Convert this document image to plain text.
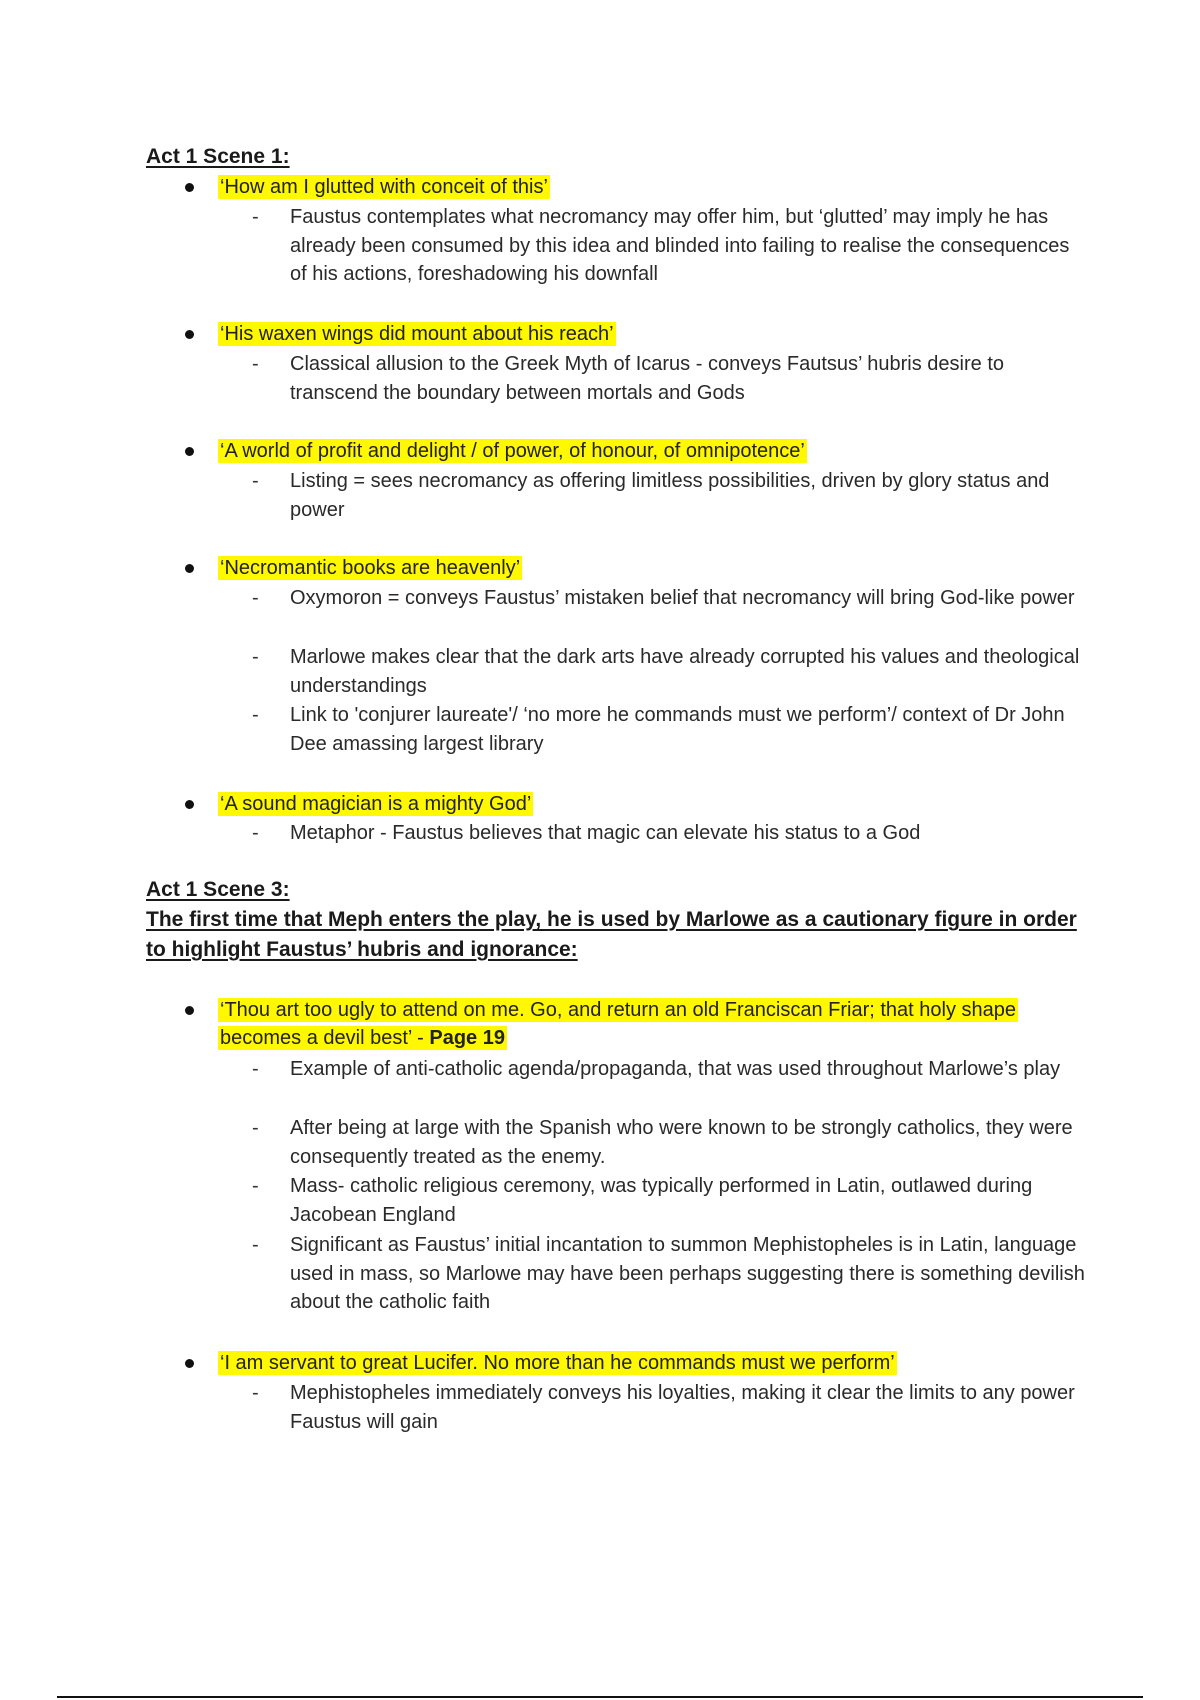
Act 1 Scene 1:
‘How am I glutted with conceit of this’
- Faustus contemplates what necromancy may offer him, but ‘glutted’ may imply he has already been consumed by this idea and blinded into failing to realise the consequences of his actions, foreshadowing his downfall
‘His waxen wings did mount about his reach’
- Classical allusion to the Greek Myth of Icarus - conveys Fautsus’ hubris desire to transcend the boundary between mortals and Gods
‘A world of profit and delight / of power, of honour, of omnipotence’
- Listing = sees necromancy as offering limitless possibilities, driven by glory status and power
‘Necromantic books are heavenly’
- Oxymoron = conveys Faustus’ mistaken belief that necromancy will bring God-like power
- Marlowe makes clear that the dark arts have already corrupted his values and theological understandings
- Link to 'conjurer laureate'/ ‘no more he commands must we perform’/ context of Dr John Dee amassing largest library
‘A sound magician is a mighty God’
- Metaphor - Faustus believes that magic can elevate his status to a God
Act 1 Scene 3:
The first time that Meph enters the play, he is used by Marlowe as a cautionary figure in order to highlight Faustus’ hubris and ignorance:
‘Thou art too ugly to attend on me. Go, and return an old Franciscan Friar; that holy shape becomes a devil best’ - Page 19
- Example of anti-catholic agenda/propaganda, that was used throughout Marlowe’s play
- After being at large with the Spanish who were known to be strongly catholics, they were consequently treated as the enemy.
- Mass- catholic religious ceremony, was typically performed in Latin, outlawed during Jacobean England
- Significant as Faustus’ initial incantation to summon Mephistopheles is in Latin, language used in mass, so Marlowe may have been perhaps suggesting there is something devilish about the catholic faith
‘I am servant to great Lucifer. No more than he commands must we perform’
- Mephistopheles immediately conveys his loyalties, making it clear the limits to any power Faustus will gain
